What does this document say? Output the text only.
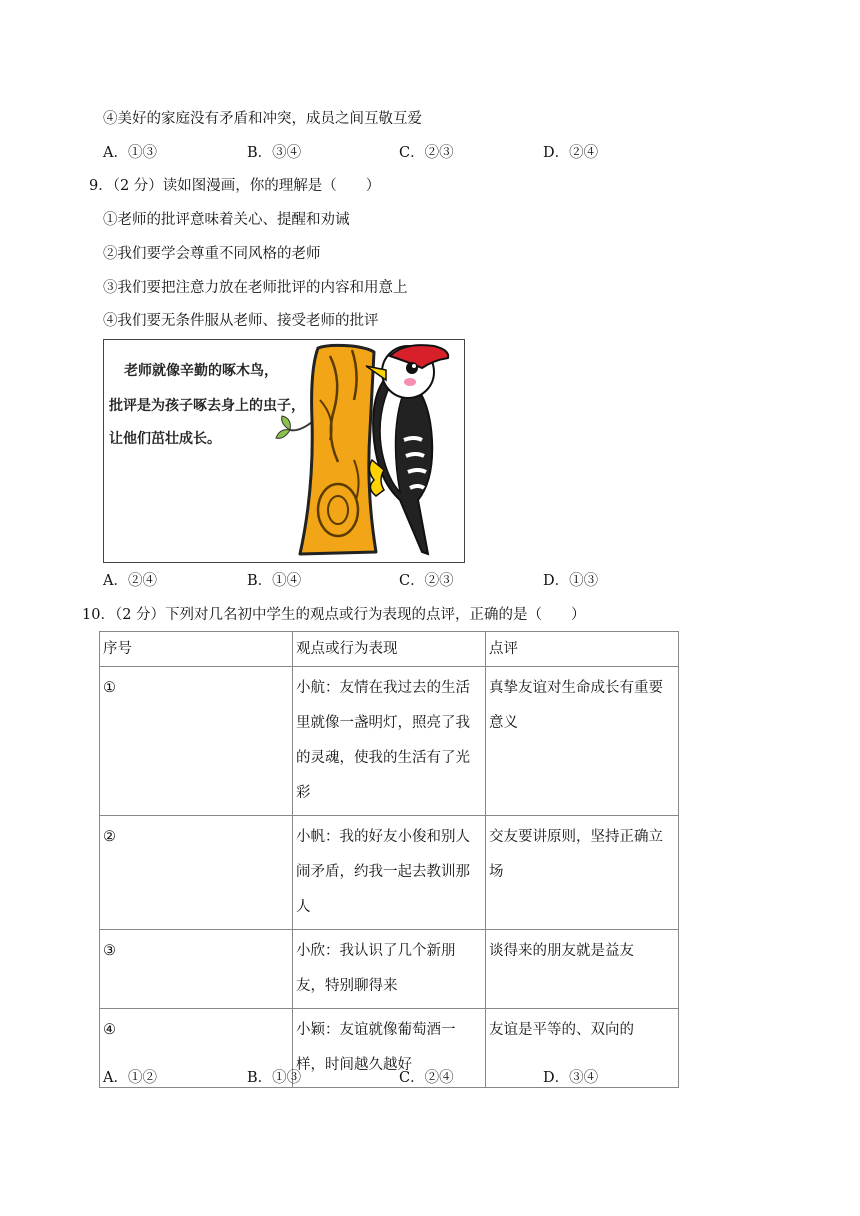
④美好的家庭没有矛盾和冲突，成员之间互敬互爱
A．①③	B．③④	C．②③	D．②④
9．（2 分）读如图漫画，你的理解是（　　）
①老师的批评意味着关心、提醒和劝诫
②我们要学会尊重不同风格的老师
③我们要把注意力放在老师批评的内容和用意上
④我们要无条件服从老师、接受老师的批评
老师就像辛勤的啄木鸟，
批评是为孩子啄去身上的虫子，
让他们茁壮成长。
A．②④	B．①④	C．②③	D．①③
10．（2 分）下列对几名初中学生的观点或行为表现的点评，正确的是（　　）
序号	观点或行为表现	点评
①	小航：友情在我过去的生活里就像一盏明灯，照亮了我的灵魂，使我的生活有了光彩	真挚友谊对生命成长有重要意义
②	小帆：我的好友小俊和别人闹矛盾，约我一起去教训那人	交友要讲原则，坚持正确立场
③	小欣：我认识了几个新朋友，特别聊得来	谈得来的朋友就是益友
④	小颖：友谊就像葡萄酒一样，时间越久越好	友谊是平等的、双向的
A．①②	B．①③	C．②④	D．③④
